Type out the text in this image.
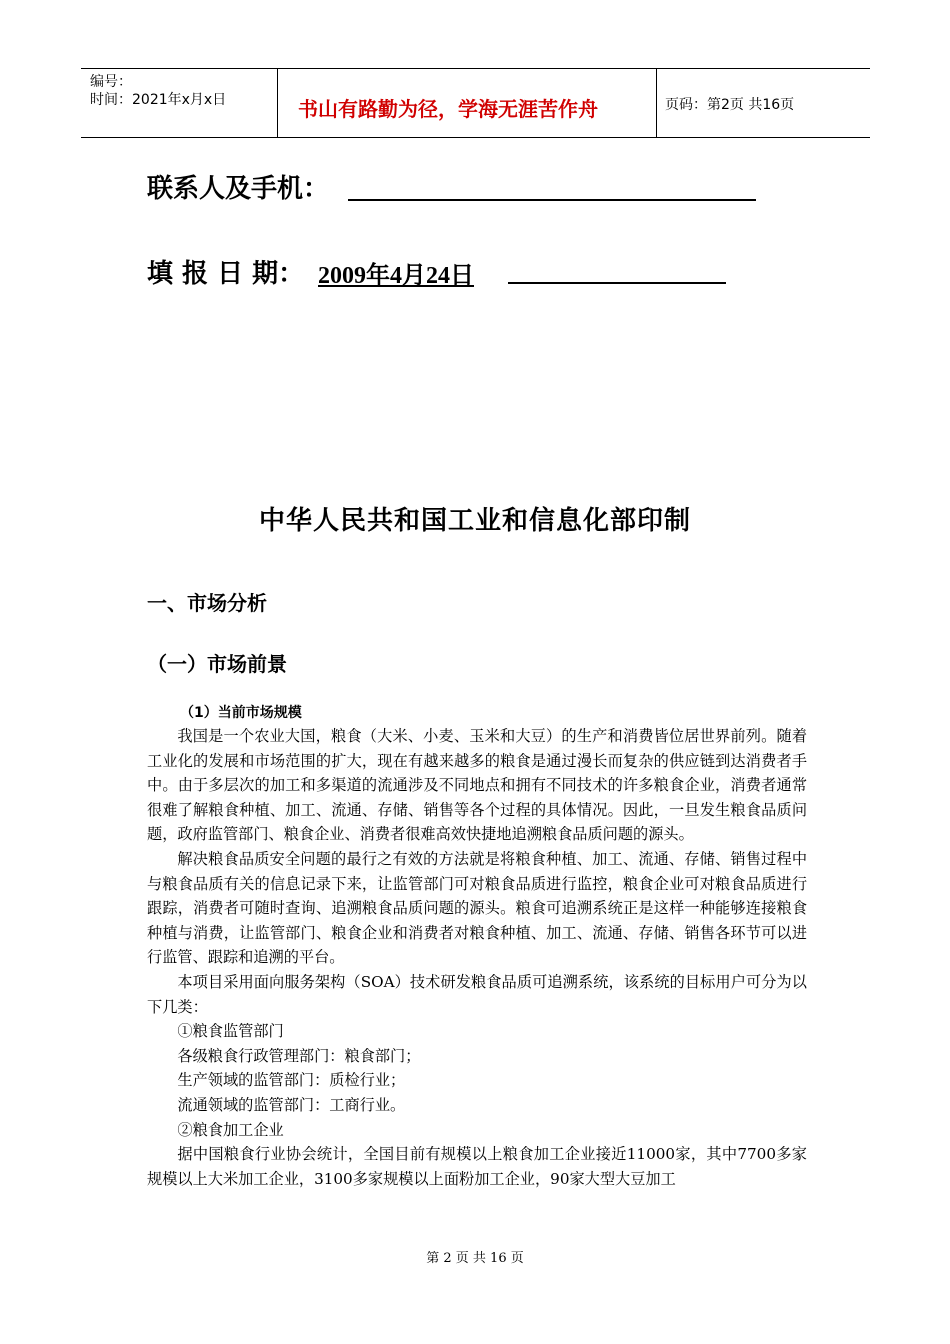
编号：
时间：2021年x月x日	书山有路勤为径，学海无涯苦作舟	页码：第2页 共16页
联系人及手机：
填 报 日 期： 2009年4月24日
中华人民共和国工业和信息化部印制
一、市场分析
（一）市场前景
（1）当前市场规模

我国是一个农业大国，粮食（大米、小麦、玉米和大豆）的生产和消费皆位居世界前列。随着工业化的发展和市场范围的扩大，现在有越来越多的粮食是通过漫长而复杂的供应链到达消费者手中。由于多层次的加工和多渠道的流通涉及不同地点和拥有不同技术的许多粮食企业，消费者通常很难了解粮食种植、加工、流通、存储、销售等各个过程的具体情况。因此，一旦发生粮食品质问题，政府监管部门、粮食企业、消费者很难高效快捷地追溯粮食品质问题的源头。

解决粮食品质安全问题的最行之有效的方法就是将粮食种植、加工、流通、存储、销售过程中与粮食品质有关的信息记录下来，让监管部门可对粮食品质进行监控，粮食企业可对粮食品质进行跟踪，消费者可随时查询、追溯粮食品质问题的源头。粮食可追溯系统正是这样一种能够连接粮食种植与消费，让监管部门、粮食企业和消费者对粮食种植、加工、流通、存储、销售各环节可以进行监管、跟踪和追溯的平台。

本项目采用面向服务架构（SOA）技术研发粮食品质可追溯系统，该系统的目标用户可分为以下几类：

①粮食监管部门
各级粮食行政管理部门：粮食部门；
生产领域的监管部门：质检行业；
流通领域的监管部门：工商行业。
②粮食加工企业

据中国粮食行业协会统计，全国目前有规模以上粮食加工企业接近11000家，其中7700多家规模以上大米加工企业，3100多家规模以上面粉加工企业，90家大型大豆加工

第 2 页 共 16 页
